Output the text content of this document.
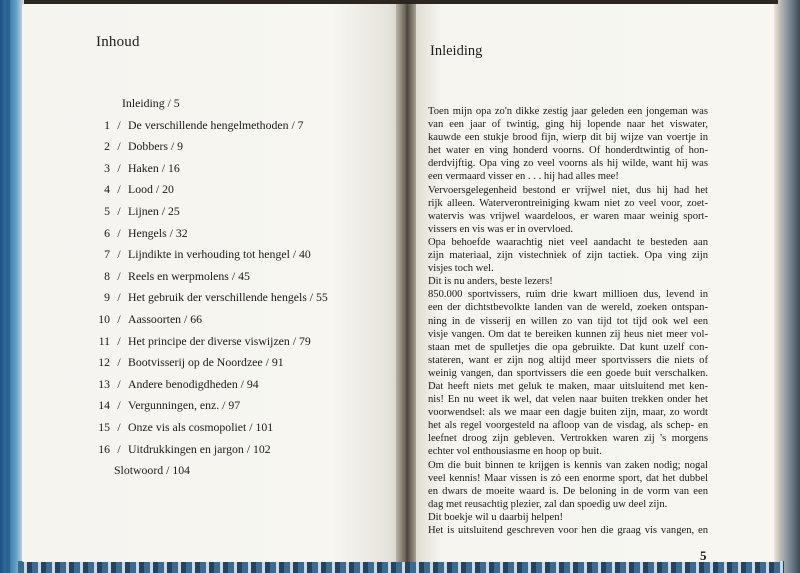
Inhoud
Inleiding / 5
1 / De verschillende hengelmethoden / 7
2 / Dobbers / 9
3 / Haken / 16
4 / Lood / 20
5 / Lijnen / 25
6 / Hengels / 32
7 / Lijndikte in verhouding tot hengel / 40
8 / Reels en werpmolens / 45
9 / Het gebruik der verschillende hengels / 55
10 / Aassoorten / 66
11 / Het principe der diverse viswijzen / 79
12 / Bootvisserij op de Noordzee / 91
13 / Andere benodigdheden / 94
14 / Vergunningen, enz. / 97
15 / Onze vis als cosmopoliet / 101
16 / Uitdrukkingen en jargon / 102
Slotwoord / 104
Inleiding
Toen mijn opa zo'n dikke zestig jaar geleden een jongeman was
van een jaar of twintig, ging hij lopende naar het viswater,
kauwde een stukje brood fijn, wierp dit bij wijze van voertje in
het water en ving honderd voorns. Of honderdtwintig of hon-
derdvijftig. Opa ving zo veel voorns als hij wilde, want hij was
een vermaard visser en . . . hij had alles mee!
Vervoersgelegenheid bestond er vrijwel niet, dus hij had het
rijk alleen. Waterverontreiniging kwam niet zo veel voor, zoet-
watervis was vrijwel waardeloos, er waren maar weinig sport-
vissers en vis was er in overvloed.
Opa behoefde waarachtig niet veel aandacht te besteden aan
zijn materiaal, zijn vistechniek of zijn tactiek. Opa ving zijn
visjes toch wel.
Dit is nu anders, beste lezers!
850.000 sportvissers, ruim drie kwart millioen dus, levend in
een der dichtstbevolkte landen van de wereld, zoeken ontspan-
ning in de visserij en willen zo van tijd tot tijd ook wel een
visje vangen. Om dat te bereiken kunnen zij heus niet meer vol-
staan met de spulletjes die opa gebruikte. Dat kunt uzelf con-
stateren, want er zijn nog altijd meer sportvissers die niets of
weinig vangen, dan sportvissers die een goede buit verschalken.
Dat heeft niets met geluk te maken, maar uitsluitend met ken-
nis! En nu weet ik wel, dat velen naar buiten trekken onder het
voorwendsel: als we maar een dagje buiten zijn, maar, zo wordt
het als regel voorgesteld na afloop van de visdag, als schep- en
leefnet droog zijn gebleven. Vertrokken waren zij 's morgens
echter vol enthousiasme en hoop op buit.
Om die buit binnen te krijgen is kennis van zaken nodig; nogal
veel kennis! Maar vissen is zó een enorme sport, dat het dubbel
en dwars de moeite waard is. De beloning in de vorm van een
dag met reusachtig plezier, zal dan spoedig uw deel zijn.
Dit boekje wil u daarbij helpen!
Het is uitsluitend geschreven voor hen die graag vis vangen, en
5
